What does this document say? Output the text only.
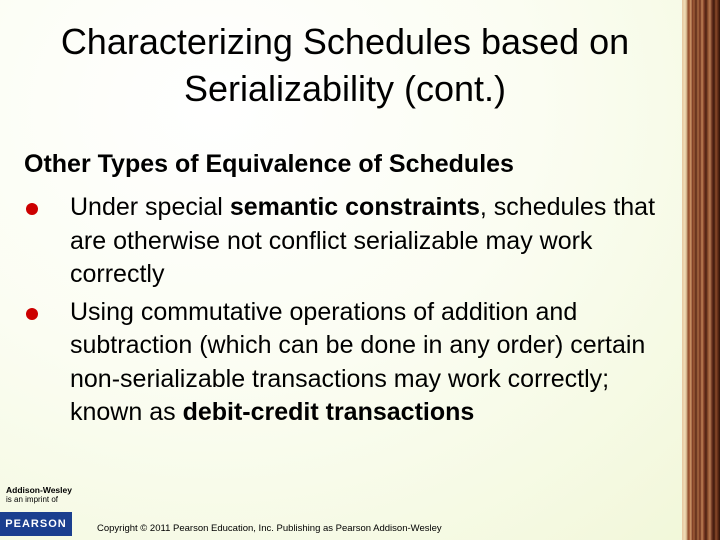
Characterizing Schedules based on Serializability (cont.)
Other Types of Equivalence of Schedules
Under special semantic constraints, schedules that are otherwise not conflict serializable may work correctly
Using commutative operations of addition and subtraction (which can be done in any order) certain non-serializable transactions may work correctly; known as debit-credit transactions
Addison-Wesley
is an imprint of
PEARSON	Copyright © 2011 Pearson Education, Inc. Publishing as Pearson Addison-Wesley
